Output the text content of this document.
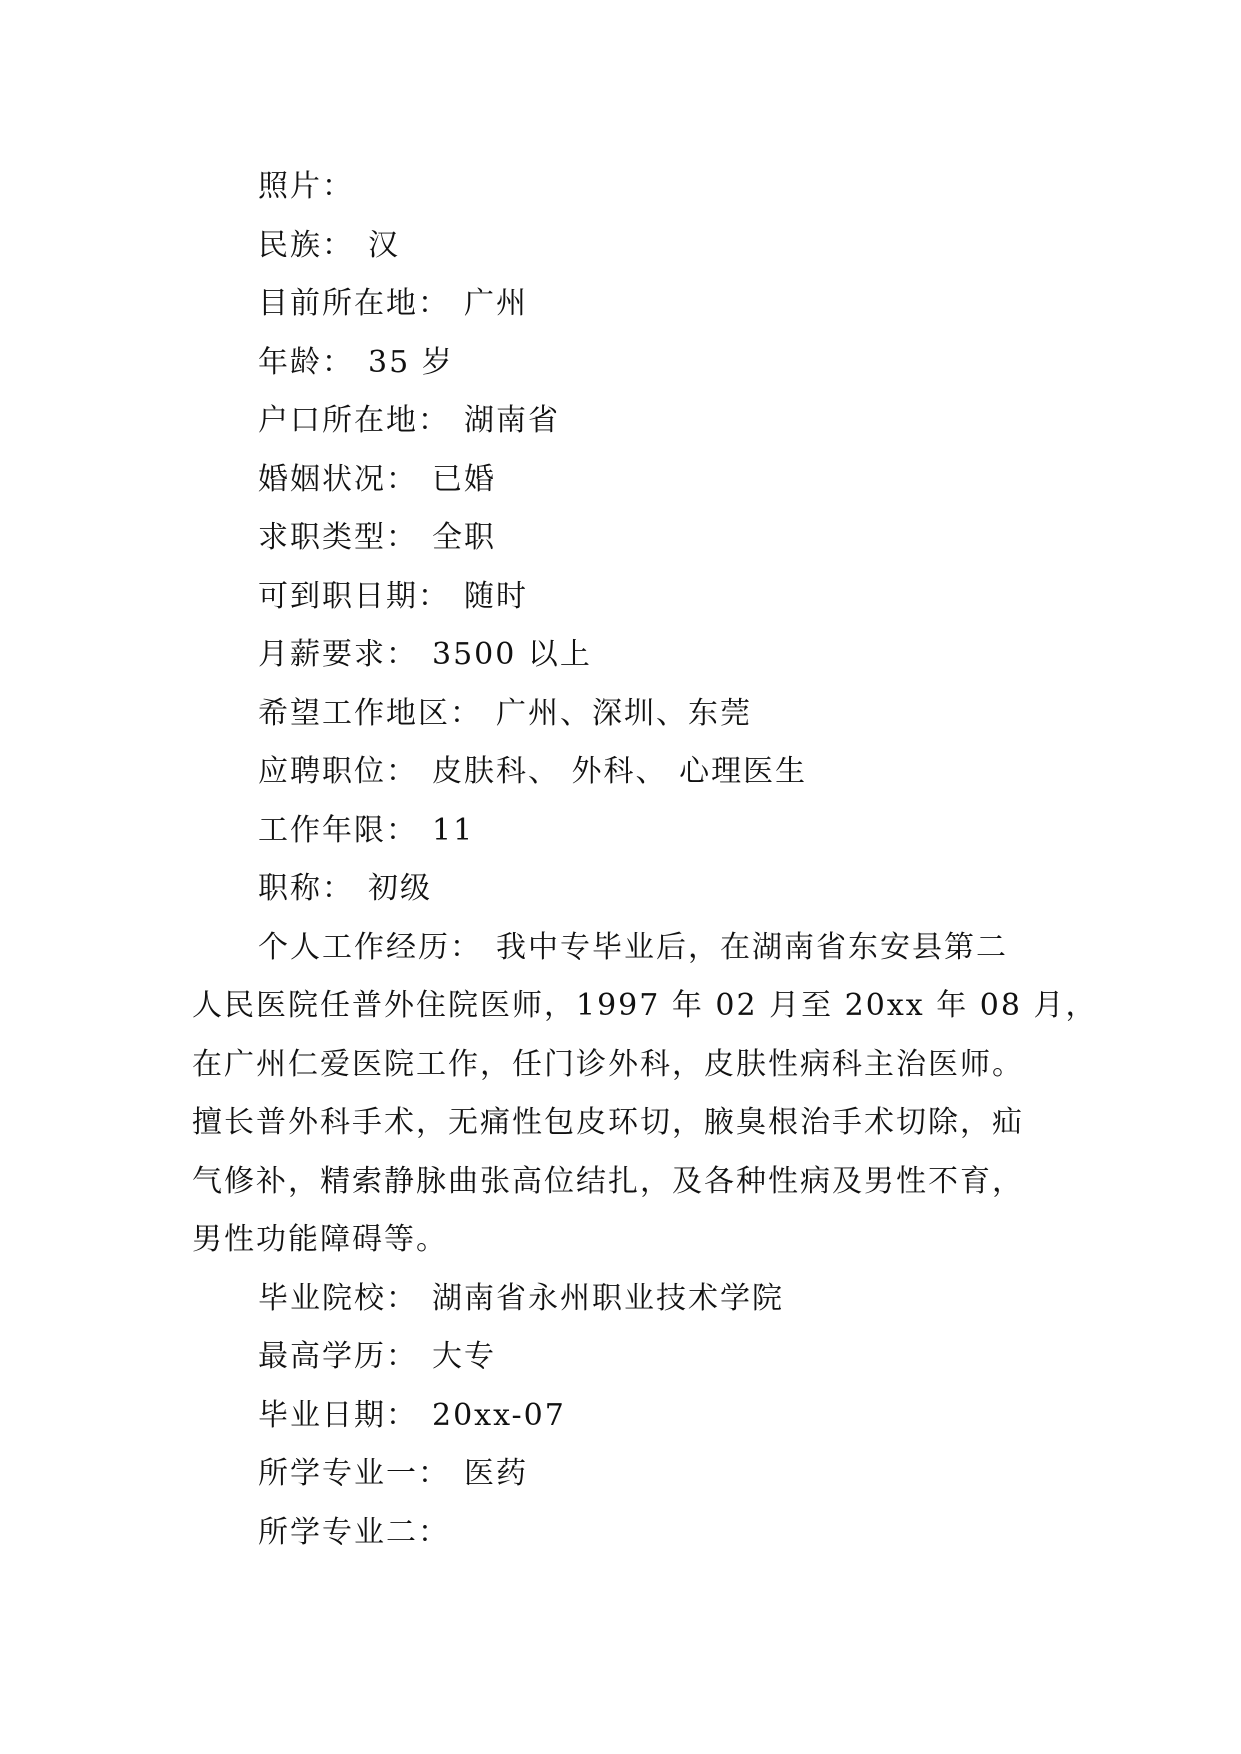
照片：
民族： 汉
目前所在地： 广州
年龄： 35 岁
户口所在地： 湖南省
婚姻状况： 已婚
求职类型： 全职
可到职日期： 随时
月薪要求： 3500 以上
希望工作地区： 广州、深圳、东莞
应聘职位： 皮肤科、 外科、 心理医生
工作年限： 11
职称： 初级
个人工作经历： 我中专毕业后，在湖南省东安县第二
人民医院任普外住院医师，1997 年 02 月至 20xx 年 08 月，
在广州仁爱医院工作，任门诊外科，皮肤性病科主治医师。
擅长普外科手术，无痛性包皮环切，腋臭根治手术切除，疝
气修补，精索静脉曲张高位结扎，及各种性病及男性不育，
男性功能障碍等。
毕业院校： 湖南省永州职业技术学院
最高学历： 大专
毕业日期： 20xx-07
所学专业一： 医药
所学专业二：
